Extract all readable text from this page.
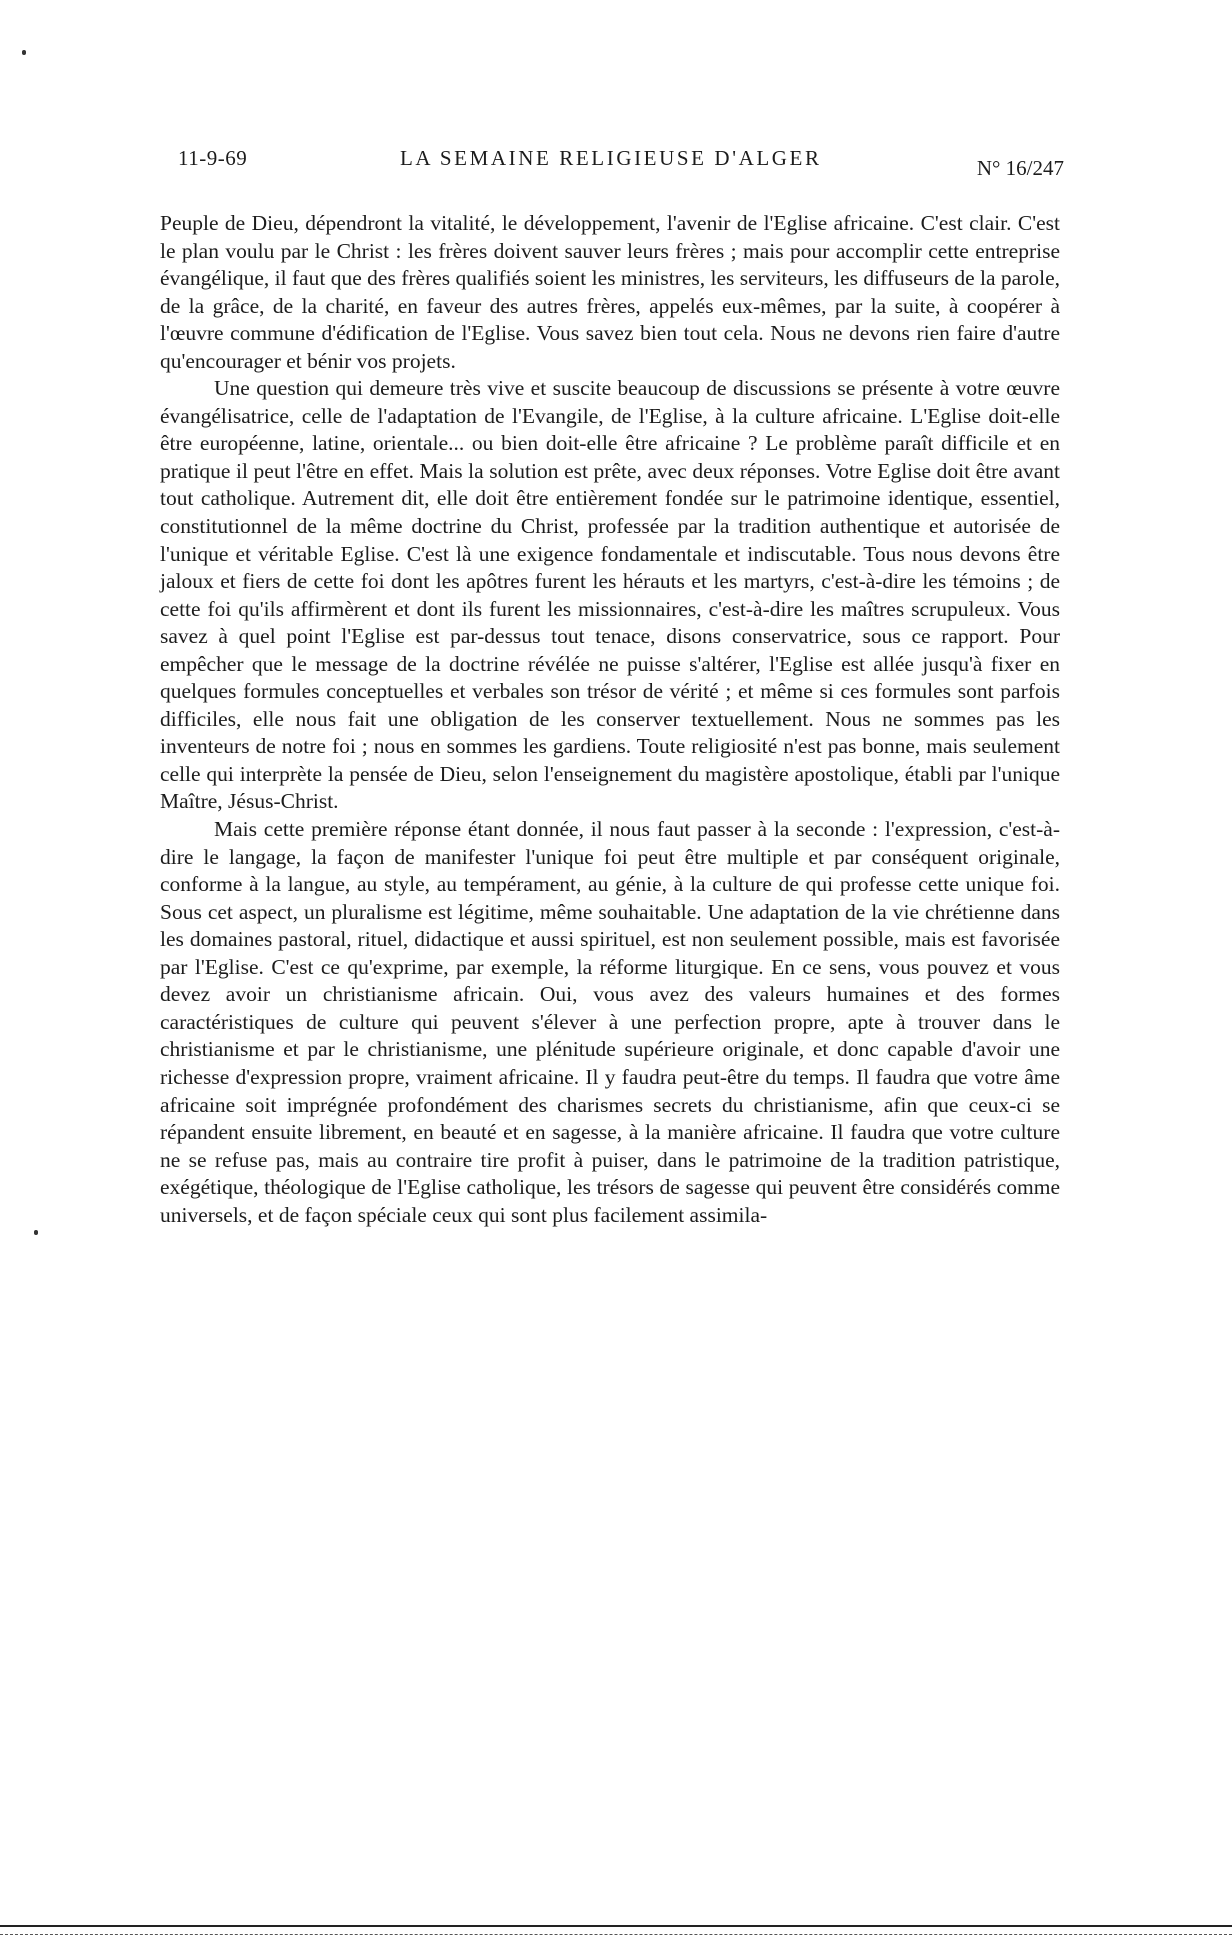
11-9-69	LA SEMAINE RELIGIEUSE D'ALGER	N° 16/247

Peuple de Dieu, dépendront la vitalité, le développement, l'avenir de l'Eglise africaine. C'est clair. C'est le plan voulu par le Christ : les frères doivent sauver leurs frères ; mais pour accomplir cette entreprise évangélique, il faut que des frères qualifiés soient les ministres, les serviteurs, les diffuseurs de la parole, de la grâce, de la charité, en faveur des autres frères, appelés eux-mêmes, par la suite, à coopérer à l'œuvre commune d'édification de l'Eglise. Vous savez bien tout cela. Nous ne devons rien faire d'autre qu'encourager et bénir vos projets.

Une question qui demeure très vive et suscite beaucoup de discussions se présente à votre œuvre évangélisatrice, celle de l'adaptation de l'Evangile, de l'Eglise, à la culture africaine. L'Eglise doit-elle être européenne, latine, orientale... ou bien doit-elle être africaine ? Le problème paraît difficile et en pratique il peut l'être en effet. Mais la solution est prête, avec deux réponses. Votre Eglise doit être avant tout catholique. Autrement dit, elle doit être entièrement fondée sur le patrimoine identique, essentiel, constitutionnel de la même doctrine du Christ, professée par la tradition authentique et autorisée de l'unique et véritable Eglise. C'est là une exigence fondamentale et indiscutable. Tous nous devons être jaloux et fiers de cette foi dont les apôtres furent les hérauts et les martyrs, c'est-à-dire les témoins ; de cette foi qu'ils affirmèrent et dont ils furent les missionnaires, c'est-à-dire les maîtres scrupuleux. Vous savez à quel point l'Eglise est par-dessus tout tenace, disons conservatrice, sous ce rapport. Pour empêcher que le message de la doctrine révélée ne puisse s'altérer, l'Eglise est allée jusqu'à fixer en quelques formules conceptuelles et verbales son trésor de vérité ; et même si ces formules sont parfois difficiles, elle nous fait une obligation de les conserver textuellement. Nous ne sommes pas les inventeurs de notre foi ; nous en sommes les gardiens. Toute religiosité n'est pas bonne, mais seulement celle qui interprète la pensée de Dieu, selon l'enseignement du magistère apostolique, établi par l'unique Maître, Jésus-Christ.

Mais cette première réponse étant donnée, il nous faut passer à la seconde : l'expression, c'est-à-dire le langage, la façon de manifester l'unique foi peut être multiple et par conséquent originale, conforme à la langue, au style, au tempérament, au génie, à la culture de qui professe cette unique foi. Sous cet aspect, un pluralisme est légitime, même souhaitable. Une adaptation de la vie chrétienne dans les domaines pastoral, rituel, didactique et aussi spirituel, est non seulement possible, mais est favorisée par l'Eglise. C'est ce qu'exprime, par exemple, la réforme liturgique. En ce sens, vous pouvez et vous devez avoir un christianisme africain. Oui, vous avez des valeurs humaines et des formes caractéristiques de culture qui peuvent s'élever à une perfection propre, apte à trouver dans le christianisme et par le christianisme, une plénitude supérieure originale, et donc capable d'avoir une richesse d'expression propre, vraiment africaine. Il y faudra peut-être du temps. Il faudra que votre âme africaine soit imprégnée profondément des charismes secrets du christianisme, afin que ceux-ci se répandent ensuite librement, en beauté et en sagesse, à la manière africaine. Il faudra que votre culture ne se refuse pas, mais au contraire tire profit à puiser, dans le patrimoine de la tradition patristique, exégétique, théologique de l'Eglise catholique, les trésors de sagesse qui peuvent être considérés comme universels, et de façon spéciale ceux qui sont plus facilement assimila-
